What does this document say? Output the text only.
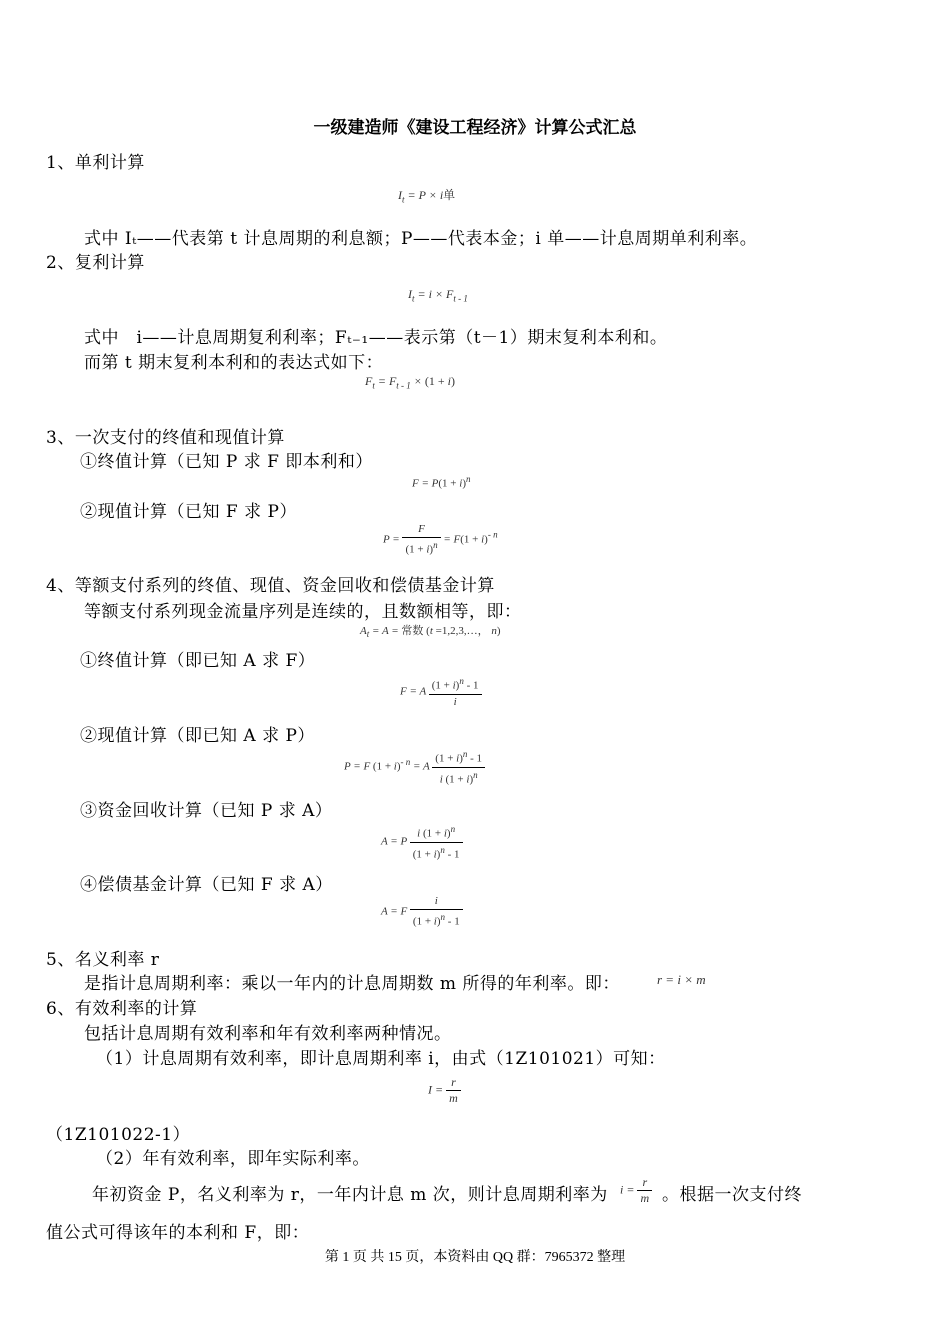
一级建造师《建设工程经济》计算公式汇总
1、单利计算
$I_t = P \times i$单
式中 Iₜ——代表第 t 计息周期的利息额；P——代表本金；i 单——计息周期单利利率。
2、复利计算
$I_t = i \times F_{t - 1}$
式中　i——计息周期复利利率；Fₜ₋₁——表示第（t－1）期末复利本利和。
而第 t 期末复利本利和的表达式如下：
$F_t = F_{t - 1} \times (1 + i)$
3、一次支付的终值和现值计算
①终值计算（已知 P 求 F 即本利和）
$F = P(1 + i)^n$
②现值计算（已知 F 求 P）
$P = \frac{F}{(1 + i)^n} = F(1 + i)^{- n}$
4、等额支付系列的终值、现值、资金回收和偿债基金计算
等额支付系列现金流量序列是连续的，且数额相等，即：
$A_t = A$ = 常数 (t =1,2,3,…， n)
①终值计算（即已知 A 求 F）
F = A $\frac{(1 + i)^n - 1}{i}$
②现值计算（即已知 A 求 P）
P = F $(1 + i)^{- n} = A \frac{(1 + i)^n - 1}{i (1 + i)^n}$
③资金回收计算（已知 P 求 A）
A = P $\frac{i (1 + i)^n}{(1 + i)^n - 1}$
④偿债基金计算（已知 F 求 A）
A = F $\frac{i}{(1 + i)^n - 1}$
5、名义利率 r
是指计息周期利率：乘以一年内的计息周期数 m 所得的年利率。即：	r = i × m
6、有效利率的计算
包括计息周期有效利率和年有效利率两种情况。
（1）计息周期有效利率，即计息周期利率 i，由式（1Z101021）可知：
$I = \frac{r}{m}$
（1Z101022-1）
（2）年有效利率，即年实际利率。
年初资金 P，名义利率为 r，一年内计息 m 次，则计息周期利率为 $i = \frac{r}{m}$ 。根据一次支付终
值公式可得该年的本利和 F，即：
第 1 页 共 15 页，本资料由 QQ 群：7965372 整理
